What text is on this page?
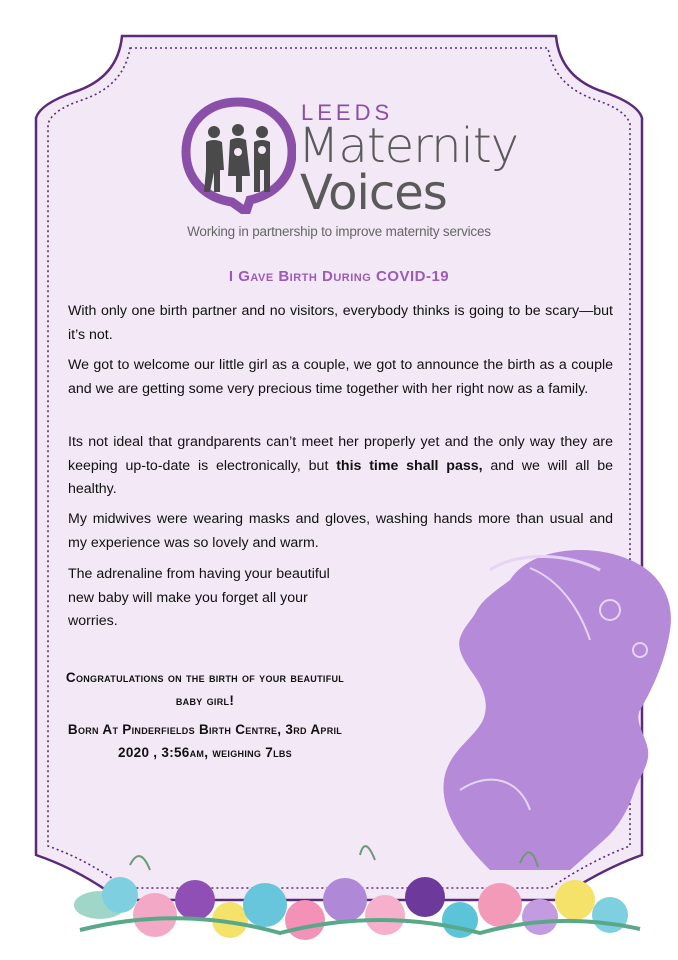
LEEDS
Maternity
Voices
Working in partnership to improve maternity services
I Gave Birth During COVID-19

With only one birth partner and no visitors, everybody thinks is going to be scary—but it’s not.

We got to welcome our little girl as a couple, we got to announce the birth as a couple and we are getting some very precious time together with her right now as a family.

Its not ideal that grandparents can’t meet her properly yet and the only way they are keeping up-to-date is electronically, but this time shall pass, and we will all be healthy.

My midwives were wearing masks and gloves, washing hands more than usual and my experience was so lovely and warm.

The adrenaline from having your beautiful new baby will make you forget all your worries.

Congratulations on the birth of your beautiful baby girl!
Born At Pinderfields Birth Centre, 3rd April 2020 , 3:56am, weighing 7lbs
